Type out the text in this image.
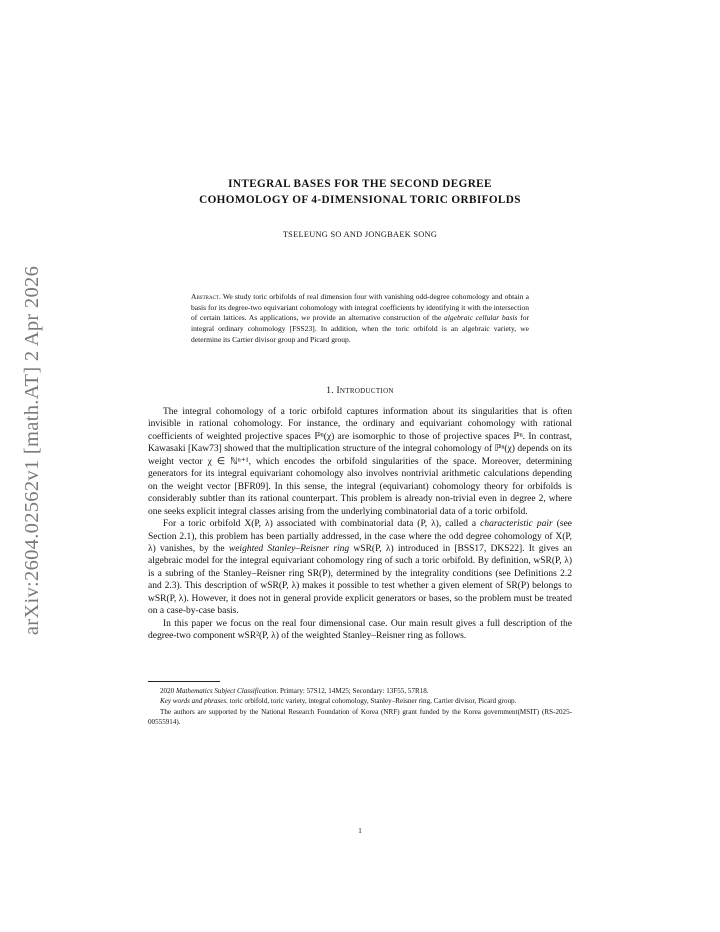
arXiv:2604.02562v1 [math.AT] 2 Apr 2026
INTEGRAL BASES FOR THE SECOND DEGREE
COHOMOLOGY OF 4-DIMENSIONAL TORIC ORBIFOLDS
TSELEUNG SO AND JONGBAEK SONG
Abstract. We study toric orbifolds of real dimension four with vanishing odd-degree cohomology and obtain a basis for its degree-two equivariant cohomology with integral coefficients by identifying it with the intersection of certain lattices. As applications, we provide an alternative construction of the algebraic cellular basis for integral ordinary cohomology [FSS23]. In addition, when the toric orbifold is an algebraic variety, we determine its Cartier divisor group and Picard group.
1. Introduction

The integral cohomology of a toric orbifold captures information about its singularities that is often invisible in rational cohomology. For instance, the ordinary and equivariant cohomology with rational coefficients of weighted projective spaces ℙⁿ(χ) are isomorphic to those of projective spaces ℙⁿ. In contrast, Kawasaki [Kaw73] showed that the multiplication structure of the integral cohomology of ℙⁿ(χ) depends on its weight vector χ ∈ ℕⁿ⁺¹, which encodes the orbifold singularities of the space. Moreover, determining generators for its integral equivariant cohomology also involves nontrivial arithmetic calculations depending on the weight vector [BFR09]. In this sense, the integral (equivariant) cohomology theory for orbifolds is considerably subtler than its rational counterpart. This problem is already non-trivial even in degree 2, where one seeks explicit integral classes arising from the underlying combinatorial data of a toric orbifold.

For a toric orbifold X(P, λ) associated with combinatorial data (P, λ), called a characteristic pair (see Section 2.1), this problem has been partially addressed, in the case where the odd degree cohomology of X(P, λ) vanishes, by the weighted Stanley–Reisner ring wSR(P, λ) introduced in [BSS17, DKS22]. It gives an algebraic model for the integral equivariant cohomology ring of such a toric orbifold. By definition, wSR(P, λ) is a subring of the Stanley–Reisner ring SR(P), determined by the integrality conditions (see Definitions 2.2 and 2.3). This description of wSR(P, λ) makes it possible to test whether a given element of SR(P) belongs to wSR(P, λ). However, it does not in general provide explicit generators or bases, so the problem must be treated on a case-by-case basis.

In this paper we focus on the real four dimensional case. Our main result gives a full description of the degree-two component wSR²(P, λ) of the weighted Stanley–Reisner ring as follows.

2020 Mathematics Subject Classification. Primary: 57S12, 14M25; Secondary: 13F55, 57R18.

Key words and phrases. toric orbifold, toric variety, integral cohomology, Stanley–Reisner ring, Cartier divisor, Picard group.

The authors are supported by the National Research Foundation of Korea (NRF) grant funded by the Korea government(MSIT) (RS-2025-00555914).

1
